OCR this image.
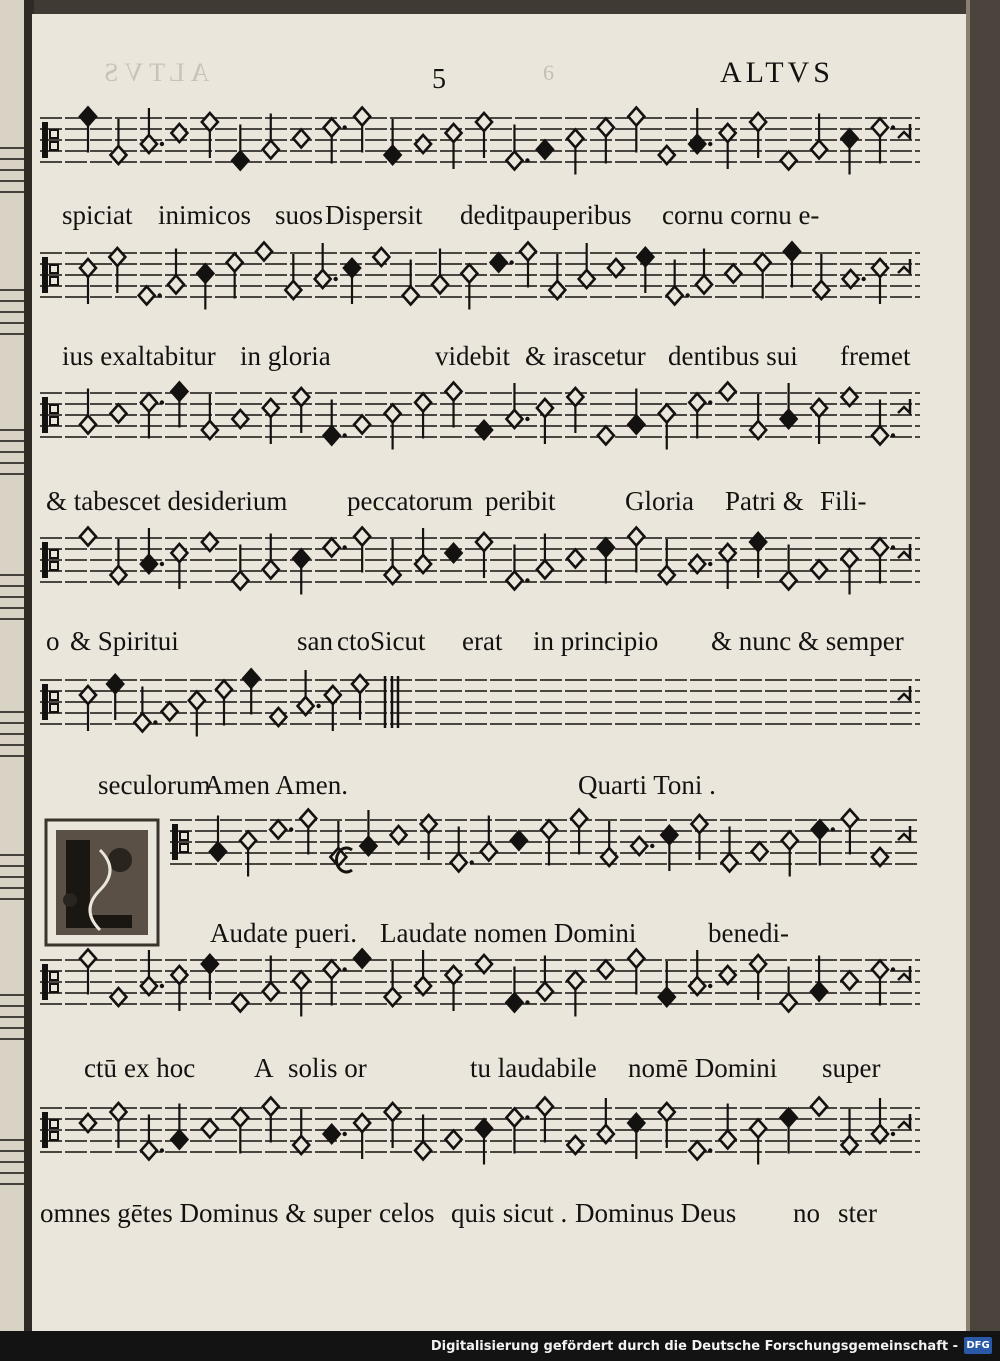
ALTVS	5	6	ALTVS
spiciat inimicos suos Dispersit dedit pauperibus cornu cornu e-
ius exaltabitur in gloria	videbit & irascetur dentibus sui fremet
& tabescet desiderium peccatorum peribit	Gloria Patri & Fili-
o & Spiritui	san cto Sicut erat in principio & nunc & semper
seculorum
Amen Amen.	Quarti Toni .
Audate pueri. Laudate nomen Domini	benedi-
ctū ex hoc A solis or	tu laudabile nomē Domini super
omnes gētes Dominus & super celos quis sicut . Dominus Deus no ster
Digitalisierung gefördert durch die Deutsche Forschungsgemeinschaft - DFG
